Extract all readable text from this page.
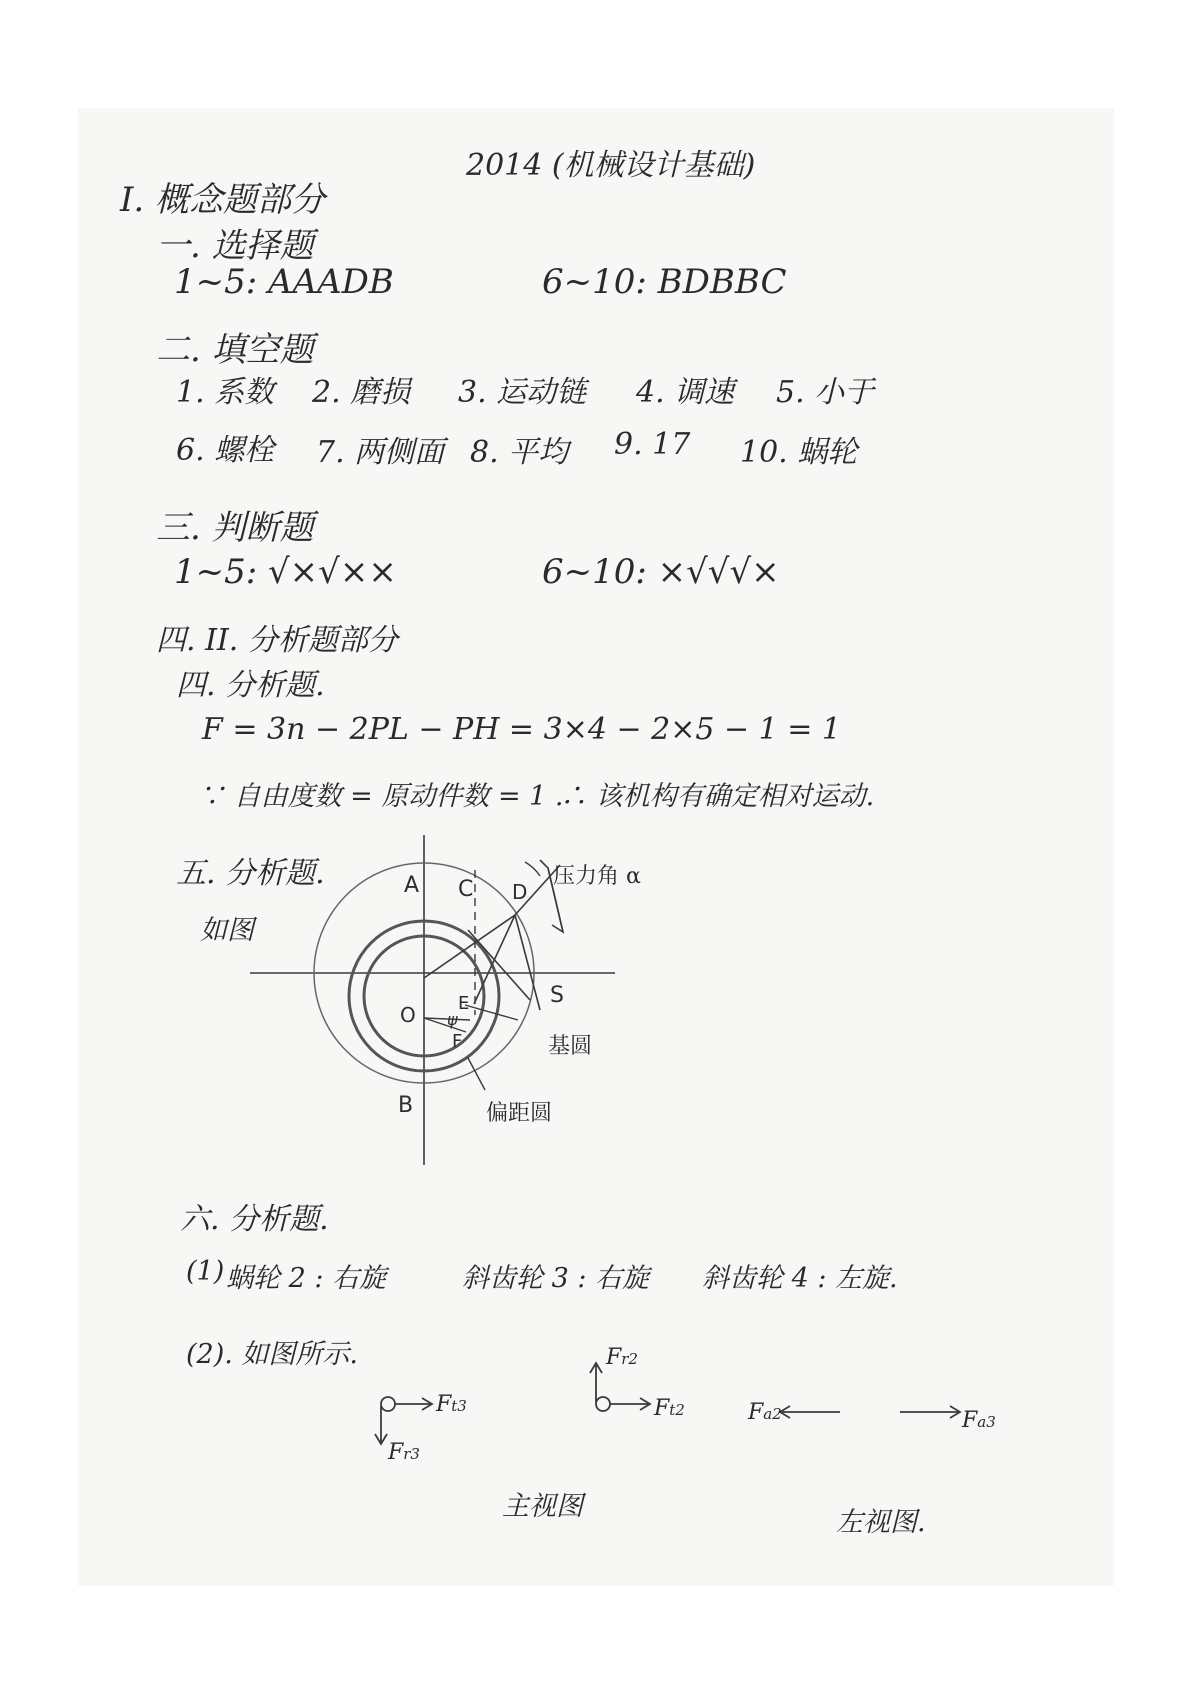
2014 (机械设计基础)
I. 概念题部分
一. 选择题
1~5: AAADB	6~10: BDBBC
二. 填空题
1. 系数 2. 磨损 3. 运动链 4. 调速 5. 小于
6. 螺栓 7. 两侧面 8. 平均 9. 17 10. 蜗轮
三. 判断题
1~5: √×√××	6~10: ×√√√×
四. II. 分析题部分
四. 分析题.
F = 3n − 2PL − PH = 3×4 − 2×5 − 1 = 1
∵ 自由度数 = 原动件数 = 1 .
∴ 该机构有确定相对运动.
五. 分析题.
如图
A
B
C D
E
F
O
压力角 α
S
ψ
基圆
偏距圆
六. 分析题.
(1) 蜗轮 2 : 右旋	斜齿轮 3 : 右旋 斜齿轮 4 : 左旋.
(2). 如图所示.
Ft3
Fr3
Fr2
Ft2	Fa2	Fa3
主视图
左视图.
